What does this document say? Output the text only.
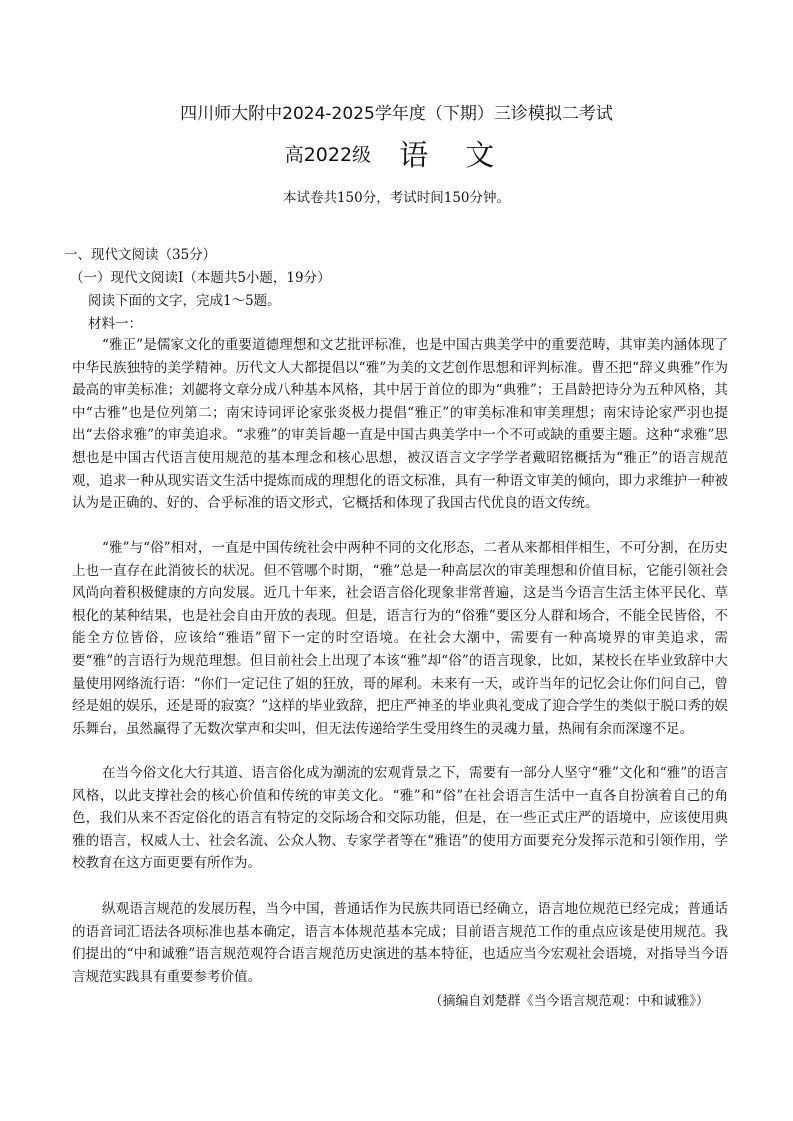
四川师大附中2024-2025学年度（下期）三诊模拟二考试
高2022级 语 文
本试卷共150分，考试时间150分钟。
一、现代文阅读（35分）
（一）现代文阅读Ⅰ（本题共5小题，19分）
阅读下面的文字，完成1～5题。
材料一：
“雅正”是儒家文化的重要道德理想和文艺批评标准，也是中国古典美学中的重要范畴，其审美内涵体现了中华民族独特的美学精神。历代文人大都提倡以“雅”为美的文艺创作思想和评判标准。曹丕把“辞义典雅”作为最高的审美标准；刘勰将文章分成八种基本风格，其中居于首位的即为“典雅”；王昌龄把诗分为五种风格，其中“古雅”也是位列第二；南宋诗词评论家张炎极力提倡“雅正”的审美标准和审美理想；南宋诗论家严羽也提出“去俗求雅”的审美追求。“求雅”的审美旨趣一直是中国古典美学中一个不可或缺的重要主题。这种“求雅”思想也是中国古代语言使用规范的基本理念和核心思想，被汉语言文字学学者戴昭铭概括为“雅正”的语言规范观，追求一种从现实语文生活中提炼而成的理想化的语文标准，具有一种语文审美的倾向，即力求维护一种被认为是正确的、好的、合乎标准的语文形式，它概括和体现了我国古代优良的语文传统。
“雅”与“俗”相对，一直是中国传统社会中两种不同的文化形态，二者从来都相伴相生，不可分割，在历史上也一直存在此消彼长的状况。但不管哪个时期，“雅”总是一种高层次的审美理想和价值目标，它能引领社会风尚向着积极健康的方向发展。近几十年来，社会语言俗化现象非常普遍，这是当今语言生活主体平民化、草根化的某种结果，也是社会自由开放的表现。但是，语言行为的“俗雅”要区分人群和场合，不能全民皆俗，不能全方位皆俗，应该给“雅语”留下一定的时空语境。在社会大潮中，需要有一种高境界的审美追求，需要“雅”的言语行为规范理想。但目前社会上出现了本该“雅”却“俗”的语言现象，比如，某校长在毕业致辞中大量使用网络流行语：“你们一定记住了姐的狂放，哥的犀利。未来有一天，或许当年的记忆会让你们问自己，曾经是姐的娱乐，还是哥的寂寞？”这样的毕业致辞，把庄严神圣的毕业典礼变成了迎合学生的类似于脱口秀的娱乐舞台，虽然赢得了无数次掌声和尖叫，但无法传递给学生受用终生的灵魂力量，热闹有余而深邃不足。
在当今俗文化大行其道、语言俗化成为潮流的宏观背景之下，需要有一部分人坚守“雅”文化和“雅”的语言风格，以此支撑社会的核心价值和传统的审美文化。“雅”和“俗”在社会语言生活中一直各自扮演着自己的角色，我们从来不否定俗化的语言有特定的交际场合和交际功能，但是，在一些正式庄严的语境中，应该使用典雅的语言，权威人士、社会名流、公众人物、专家学者等在“雅语”的使用方面要充分发挥示范和引领作用，学校教育在这方面更要有所作为。
纵观语言规范的发展历程，当今中国，普通话作为民族共同语已经确立，语言地位规范已经完成；普通话的语音词汇语法各项标准也基本确定，语言本体规范基本完成；目前语言规范工作的重点应该是使用规范。我们提出的“中和诚雅”语言规范观符合语言规范历史演进的基本特征，也适应当今宏观社会语境，对指导当今语言规范实践具有重要参考价值。
（摘编自刘楚群《当今语言规范观：中和诚雅》）
